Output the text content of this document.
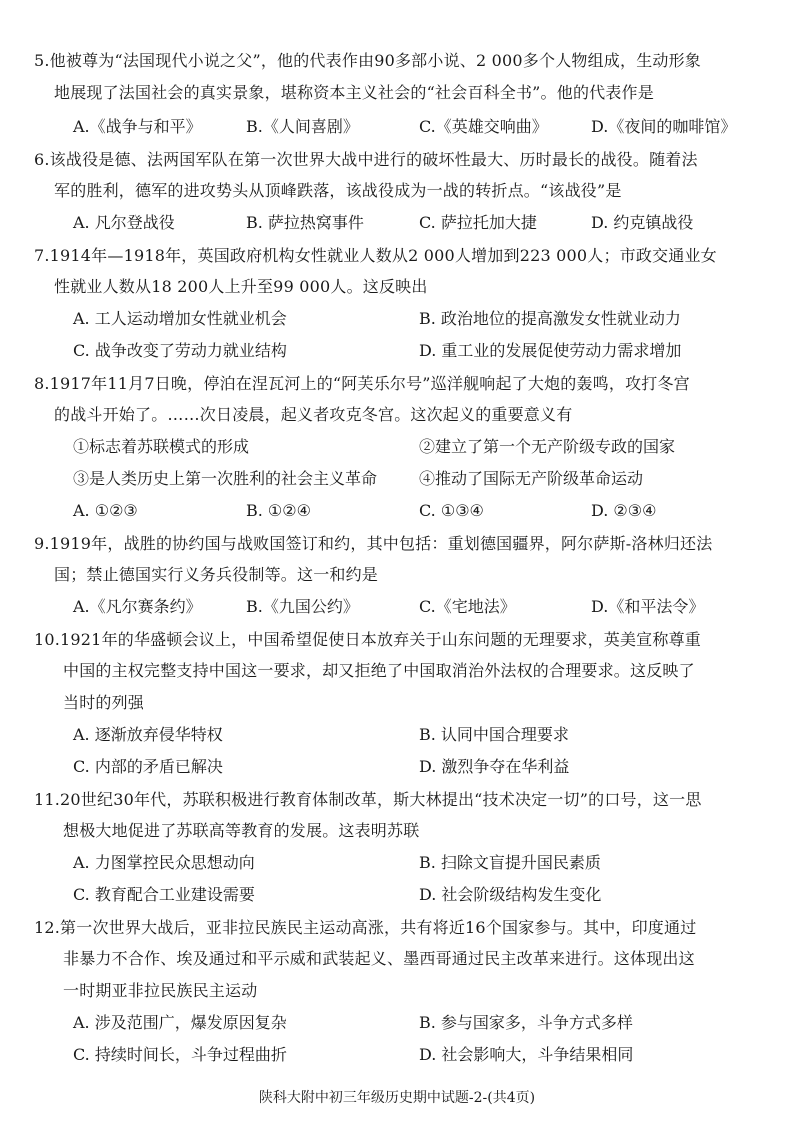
5.他被尊为“法国现代小说之父”，他的代表作由90多部小说、2 000多个人物组成，生动形象
地展现了法国社会的真实景象，堪称资本主义社会的“社会百科全书”。他的代表作是
A.《战争与和平》	B.《人间喜剧》	C.《英雄交响曲》	D.《夜间的咖啡馆》
6.该战役是德、法两国军队在第一次世界大战中进行的破坏性最大、历时最长的战役。随着法
军的胜利，德军的进攻势头从顶峰跌落，该战役成为一战的转折点。“该战役”是
A. 凡尔登战役	B. 萨拉热窝事件	C. 萨拉托加大捷	D. 约克镇战役
7.1914年—1918年，英国政府机构女性就业人数从2 000人增加到223 000人；市政交通业女
性就业人数从18 200人上升至99 000人。这反映出
A. 工人运动增加女性就业机会	B. 政治地位的提高激发女性就业动力
C. 战争改变了劳动力就业结构	D. 重工业的发展促使劳动力需求增加
8.1917年11月7日晚，停泊在涅瓦河上的“阿芙乐尔号”巡洋舰响起了大炮的轰鸣，攻打冬宫
的战斗开始了。……次日凌晨，起义者攻克冬宫。这次起义的重要意义有
①标志着苏联模式的形成	②建立了第一个无产阶级专政的国家
③是人类历史上第一次胜利的社会主义革命	④推动了国际无产阶级革命运动
A. ①②③	B. ①②④	C. ①③④	D. ②③④
9.1919年，战胜的协约国与战败国签订和约，其中包括：重划德国疆界，阿尔萨斯-洛林归还法
国；禁止德国实行义务兵役制等。这一和约是
A.《凡尔赛条约》	B.《九国公约》	C.《宅地法》	D.《和平法令》
10.1921年的华盛顿会议上，中国希望促使日本放弃关于山东问题的无理要求，英美宣称尊重
中国的主权完整支持中国这一要求，却又拒绝了中国取消治外法权的合理要求。这反映了
当时的列强
A. 逐渐放弃侵华特权	B. 认同中国合理要求
C. 内部的矛盾已解决	D. 激烈争夺在华利益
11.20世纪30年代，苏联积极进行教育体制改革，斯大林提出“技术决定一切”的口号，这一思
想极大地促进了苏联高等教育的发展。这表明苏联
A. 力图掌控民众思想动向	B. 扫除文盲提升国民素质
C. 教育配合工业建设需要	D. 社会阶级结构发生变化
12.第一次世界大战后，亚非拉民族民主运动高涨，共有将近16个国家参与。其中，印度通过
非暴力不合作、埃及通过和平示威和武装起义、墨西哥通过民主改革来进行。这体现出这
一时期亚非拉民族民主运动
A. 涉及范围广，爆发原因复杂	B. 参与国家多，斗争方式多样
C. 持续时间长，斗争过程曲折	D. 社会影响大，斗争结果相同
陕科大附中初三年级历史期中试题-2-(共4页)
